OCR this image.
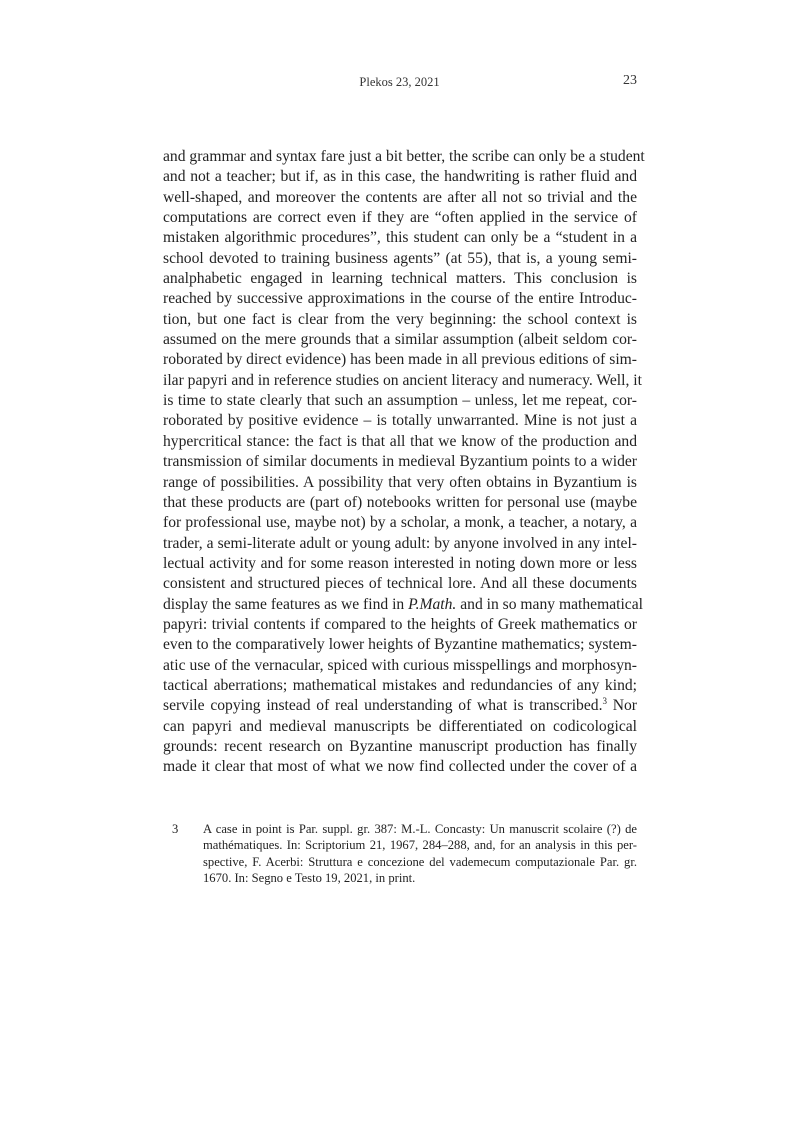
Plekos 23, 2021	23
and grammar and syntax fare just a bit better, the scribe can only be a student
and not a teacher; but if, as in this case, the handwriting is rather fluid and
well-shaped, and moreover the contents are after all not so trivial and the
computations are correct even if they are “often applied in the service of
mistaken algorithmic procedures”, this student can only be a “student in a
school devoted to training business agents” (at 55), that is, a young semi-
analphabetic engaged in learning technical matters. This conclusion is
reached by successive approximations in the course of the entire Introduc-
tion, but one fact is clear from the very beginning: the school context is
assumed on the mere grounds that a similar assumption (albeit seldom cor-
roborated by direct evidence) has been made in all previous editions of sim-
ilar papyri and in reference studies on ancient literacy and numeracy. Well, it
is time to state clearly that such an assumption – unless, let me repeat, cor-
roborated by positive evidence – is totally unwarranted. Mine is not just a
hypercritical stance: the fact is that all that we know of the production and
transmission of similar documents in medieval Byzantium points to a wider
range of possibilities. A possibility that very often obtains in Byzantium is
that these products are (part of) notebooks written for personal use (maybe
for professional use, maybe not) by a scholar, a monk, a teacher, a notary, a
trader, a semi-literate adult or young adult: by anyone involved in any intel-
lectual activity and for some reason interested in noting down more or less
consistent and structured pieces of technical lore. And all these documents
display the same features as we find in P.Math. and in so many mathematical
papyri: trivial contents if compared to the heights of Greek mathematics or
even to the comparatively lower heights of Byzantine mathematics; system-
atic use of the vernacular, spiced with curious misspellings and morphosyn-
tactical aberrations; mathematical mistakes and redundancies of any kind;
servile copying instead of real understanding of what is transcribed.$^3$ Nor
can papyri and medieval manuscripts be differentiated on codicological
grounds: recent research on Byzantine manuscript production has finally
made it clear that most of what we now find collected under the cover of a
3 A case in point is Par. suppl. gr. 387: M.-L. Concasty: Un manuscrit scolaire (?) de
mathématiques. In: Scriptorium 21, 1967, 284–288, and, for an analysis in this per-
spective, F. Acerbi: Struttura e concezione del vademecum computazionale Par. gr.
1670. In: Segno e Testo 19, 2021, in print.
